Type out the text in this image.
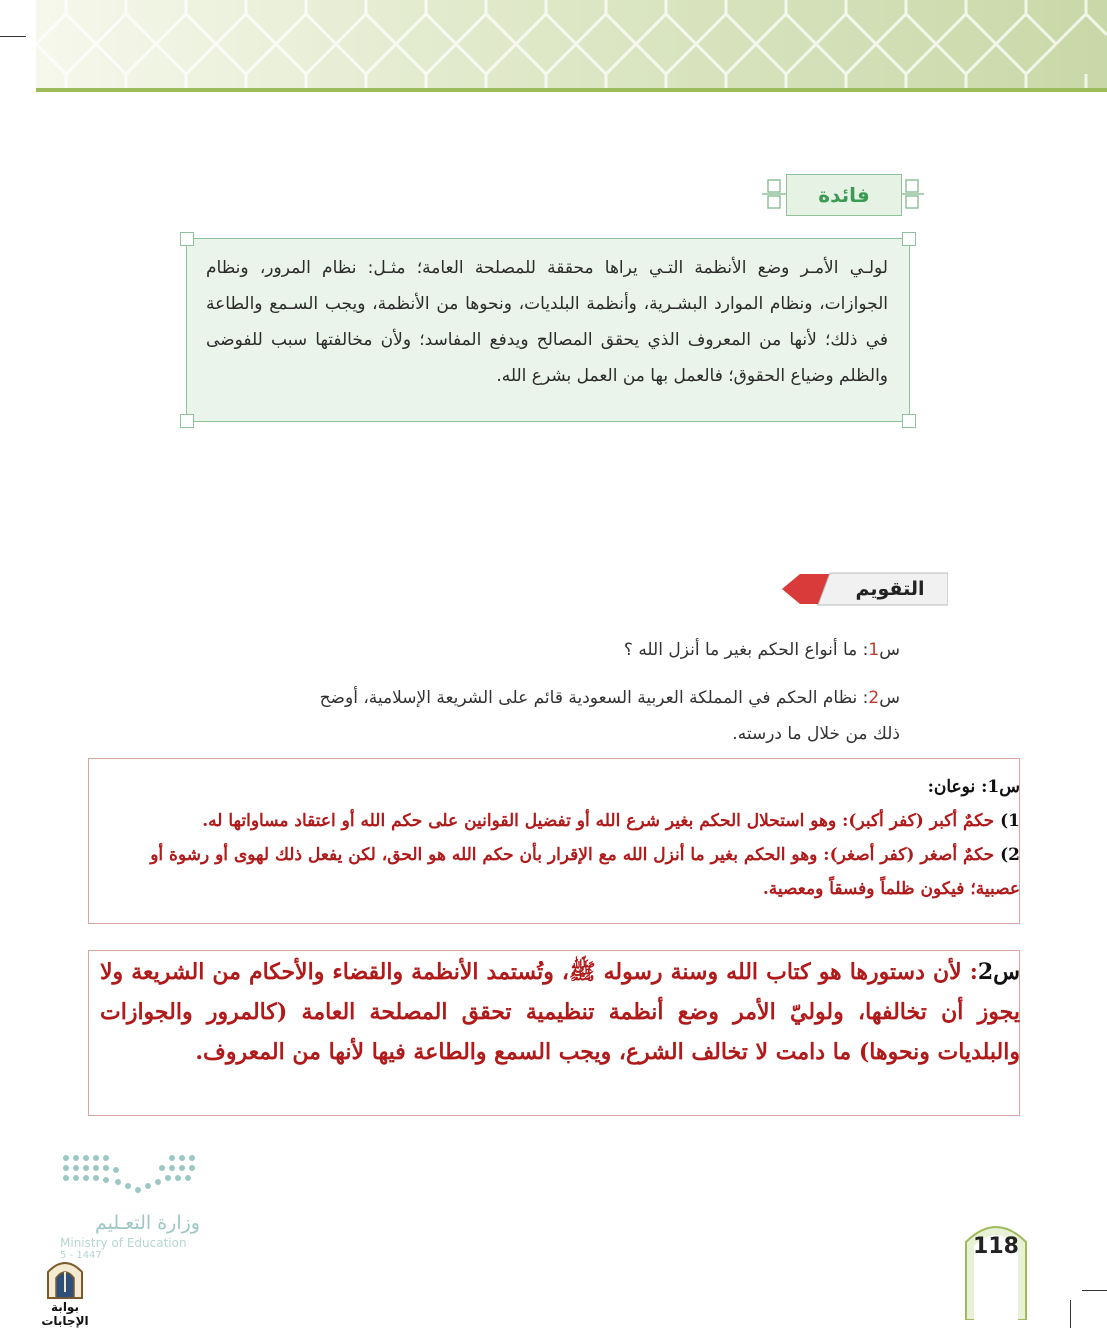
فائدة
لولـي الأمـر وضع الأنظمة التـي يراها محققة للمصلحة العامة؛ مثـل: نظام المرور، ونظام الجوازات، ونظام الموارد البشـرية، وأنظمة البلديات، ونحوها من الأنظمة، ويجب السـمع والطاعة في ذلك؛ لأنها من المعروف الذي يحقق المصالح ويدفع المفاسد؛ ولأن مخالفتها سبب للفوضى والظلم وضياع الحقوق؛ فالعمل بها من العمل بشرع الله.
التقويم
س1: ما أنواع الحكم بغير ما أنزل الله ؟
س2: نظام الحكم في المملكة العربية السعودية قائم على الشريعة الإسلامية، أوضح ذلك من خلال ما درسته.
س1: نوعان:
1) حكمٌ أكبر (كفر أكبر): وهو استحلال الحكم بغير شرع الله أو تفضيل القوانين على حكم الله أو اعتقاد مساواتها له.
2) حكمٌ أصغر (كفر أصغر): وهو الحكم بغير ما أنزل الله مع الإقرار بأن حكم الله هو الحق، لكن يفعل ذلك لهوى أو رشوة أو عصبية؛ فيكون ظلماً وفسقاً ومعصية.
س2: لأن دستورها هو كتاب الله وسنة رسوله ﷺ، وتُستمد الأنظمة والقضاء والأحكام من الشريعة ولا يجوز أن تخالفها، ولوليّ الأمر وضع أنظمة تنظيمية تحقق المصلحة العامة (كالمرور والجوازات والبلديات ونحوها) ما دامت لا تخالف الشرع، ويجب السمع والطاعة فيها لأنها من المعروف.
وزارة التعـليم
Ministry of Education
5 - 1447
بوابة الإجابات
118
